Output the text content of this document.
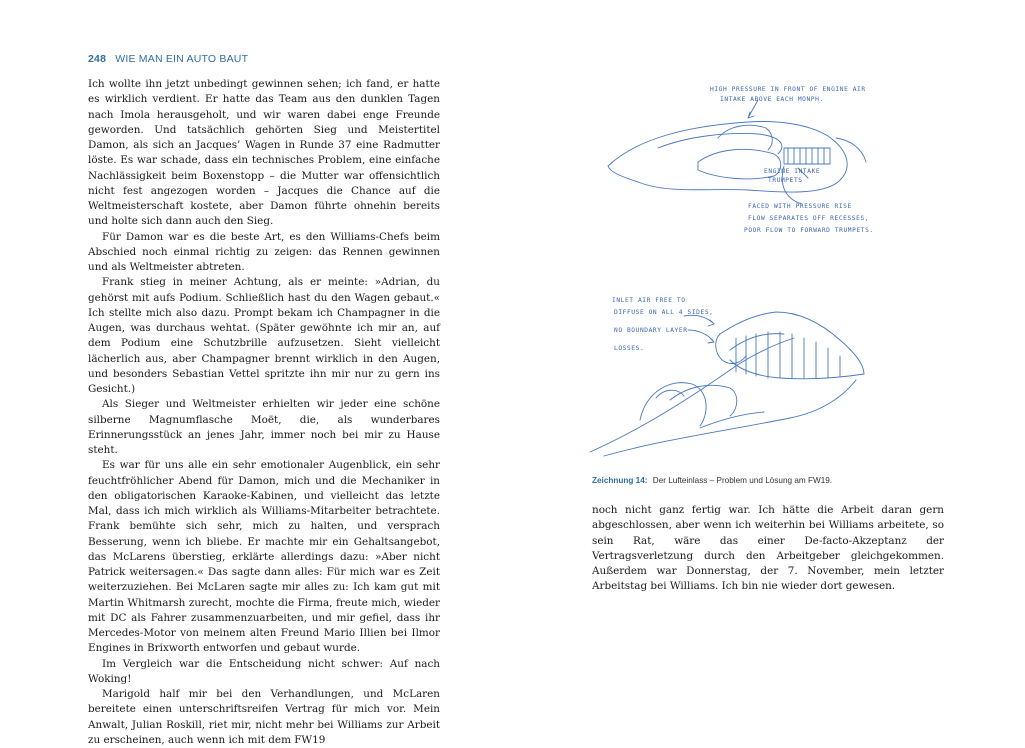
248 WIE MAN EIN AUTO BAUT

Ich wollte ihn jetzt unbedingt gewinnen sehen; ich fand, er hatte es wirklich verdient. Er hatte das Team aus den dunklen Tagen nach Imola herausgeholt, und wir waren dabei enge Freunde geworden. Und tatsächlich gehörten Sieg und Meistertitel Damon, als sich an Jacques’ Wagen in Runde 37 eine Radmutter löste. Es war schade, dass ein technisches Problem, eine einfache Nachlässigkeit beim Boxenstopp – die Mutter war offensichtlich nicht fest angezogen worden – Jacques die Chance auf die Weltmeisterschaft kostete, aber Damon führte ohnehin bereits und holte sich dann auch den Sieg.

Für Damon war es die beste Art, es den Williams-Chefs beim Abschied noch einmal richtig zu zeigen: das Rennen gewinnen und als Weltmeister abtreten.

Frank stieg in meiner Achtung, als er meinte: »Adrian, du gehörst mit aufs Podium. Schließlich hast du den Wagen gebaut.« Ich stellte mich also dazu. Prompt bekam ich Champagner in die Augen, was durchaus wehtat. (Später gewöhnte ich mir an, auf dem Podium eine Schutzbrille aufzusetzen. Sieht vielleicht lächerlich aus, aber Champagner brennt wirklich in den Augen, und besonders Sebastian Vettel spritzte ihn mir nur zu gern ins Gesicht.)

Als Sieger und Weltmeister erhielten wir jeder eine schöne silberne Magnumflasche Moët, die, als wunderbares Erinnerungsstück an jenes Jahr, immer noch bei mir zu Hause steht.

Es war für uns alle ein sehr emotionaler Augenblick, ein sehr feuchtfröhlicher Abend für Damon, mich und die Mechaniker in den obligatorischen Karaoke-Kabinen, und vielleicht das letzte Mal, dass ich mich wirklich als Williams-Mitarbeiter betrachtete. Frank bemühte sich sehr, mich zu halten, und versprach Besserung, wenn ich bliebe. Er machte mir ein Gehaltsangebot, das McLarens überstieg, erklärte allerdings dazu: »Aber nicht Patrick weitersagen.« Das sagte dann alles: Für mich war es Zeit weiterzuziehen. Bei McLaren sagte mir alles zu: Ich kam gut mit Martin Whitmarsh zurecht, mochte die Firma, freute mich, wieder mit DC als Fahrer zusammenzuarbeiten, und mir gefiel, dass ihr Mercedes-Motor von meinem alten Freund Mario Illien bei Ilmor Engines in Brixworth entworfen und gebaut wurde.

Im Vergleich war die Entscheidung nicht schwer: Auf nach Woking!

Marigold half mir bei den Verhandlungen, und McLaren bereitete einen unterschriftsreifen Vertrag für mich vor. Mein Anwalt, Julian Roskill, riet mir, nicht mehr bei Williams zur Arbeit zu erscheinen, auch wenn ich mit dem FW19

HIGH PRESSURE IN FRONT OF ENGINE AIR
INTAKE ABOVE EACH MONPH.
ENGINE INTAKE
TRUMPETS
FACED WITH PRESSURE RISE
FLOW SEPARATES OFF RECESSES,
POOR FLOW TO FORWARD TRUMPETS.
INLET AIR FREE TO
DIFFUSE ON ALL 4 SIDES,
NO BOUNDARY LAYER
LOSSES.
Zeichnung 14: Der Lufteinlass – Problem und Lösung am FW19.

noch nicht ganz fertig war. Ich hätte die Arbeit daran gern abgeschlossen, aber wenn ich weiterhin bei Williams arbeitete, so sein Rat, wäre das einer De-facto-Akzeptanz der Vertragsverletzung durch den Arbeitgeber gleichgekommen. Außerdem war Donnerstag, der 7. November, mein letzter Arbeitstag bei Williams. Ich bin nie wieder dort gewesen.
